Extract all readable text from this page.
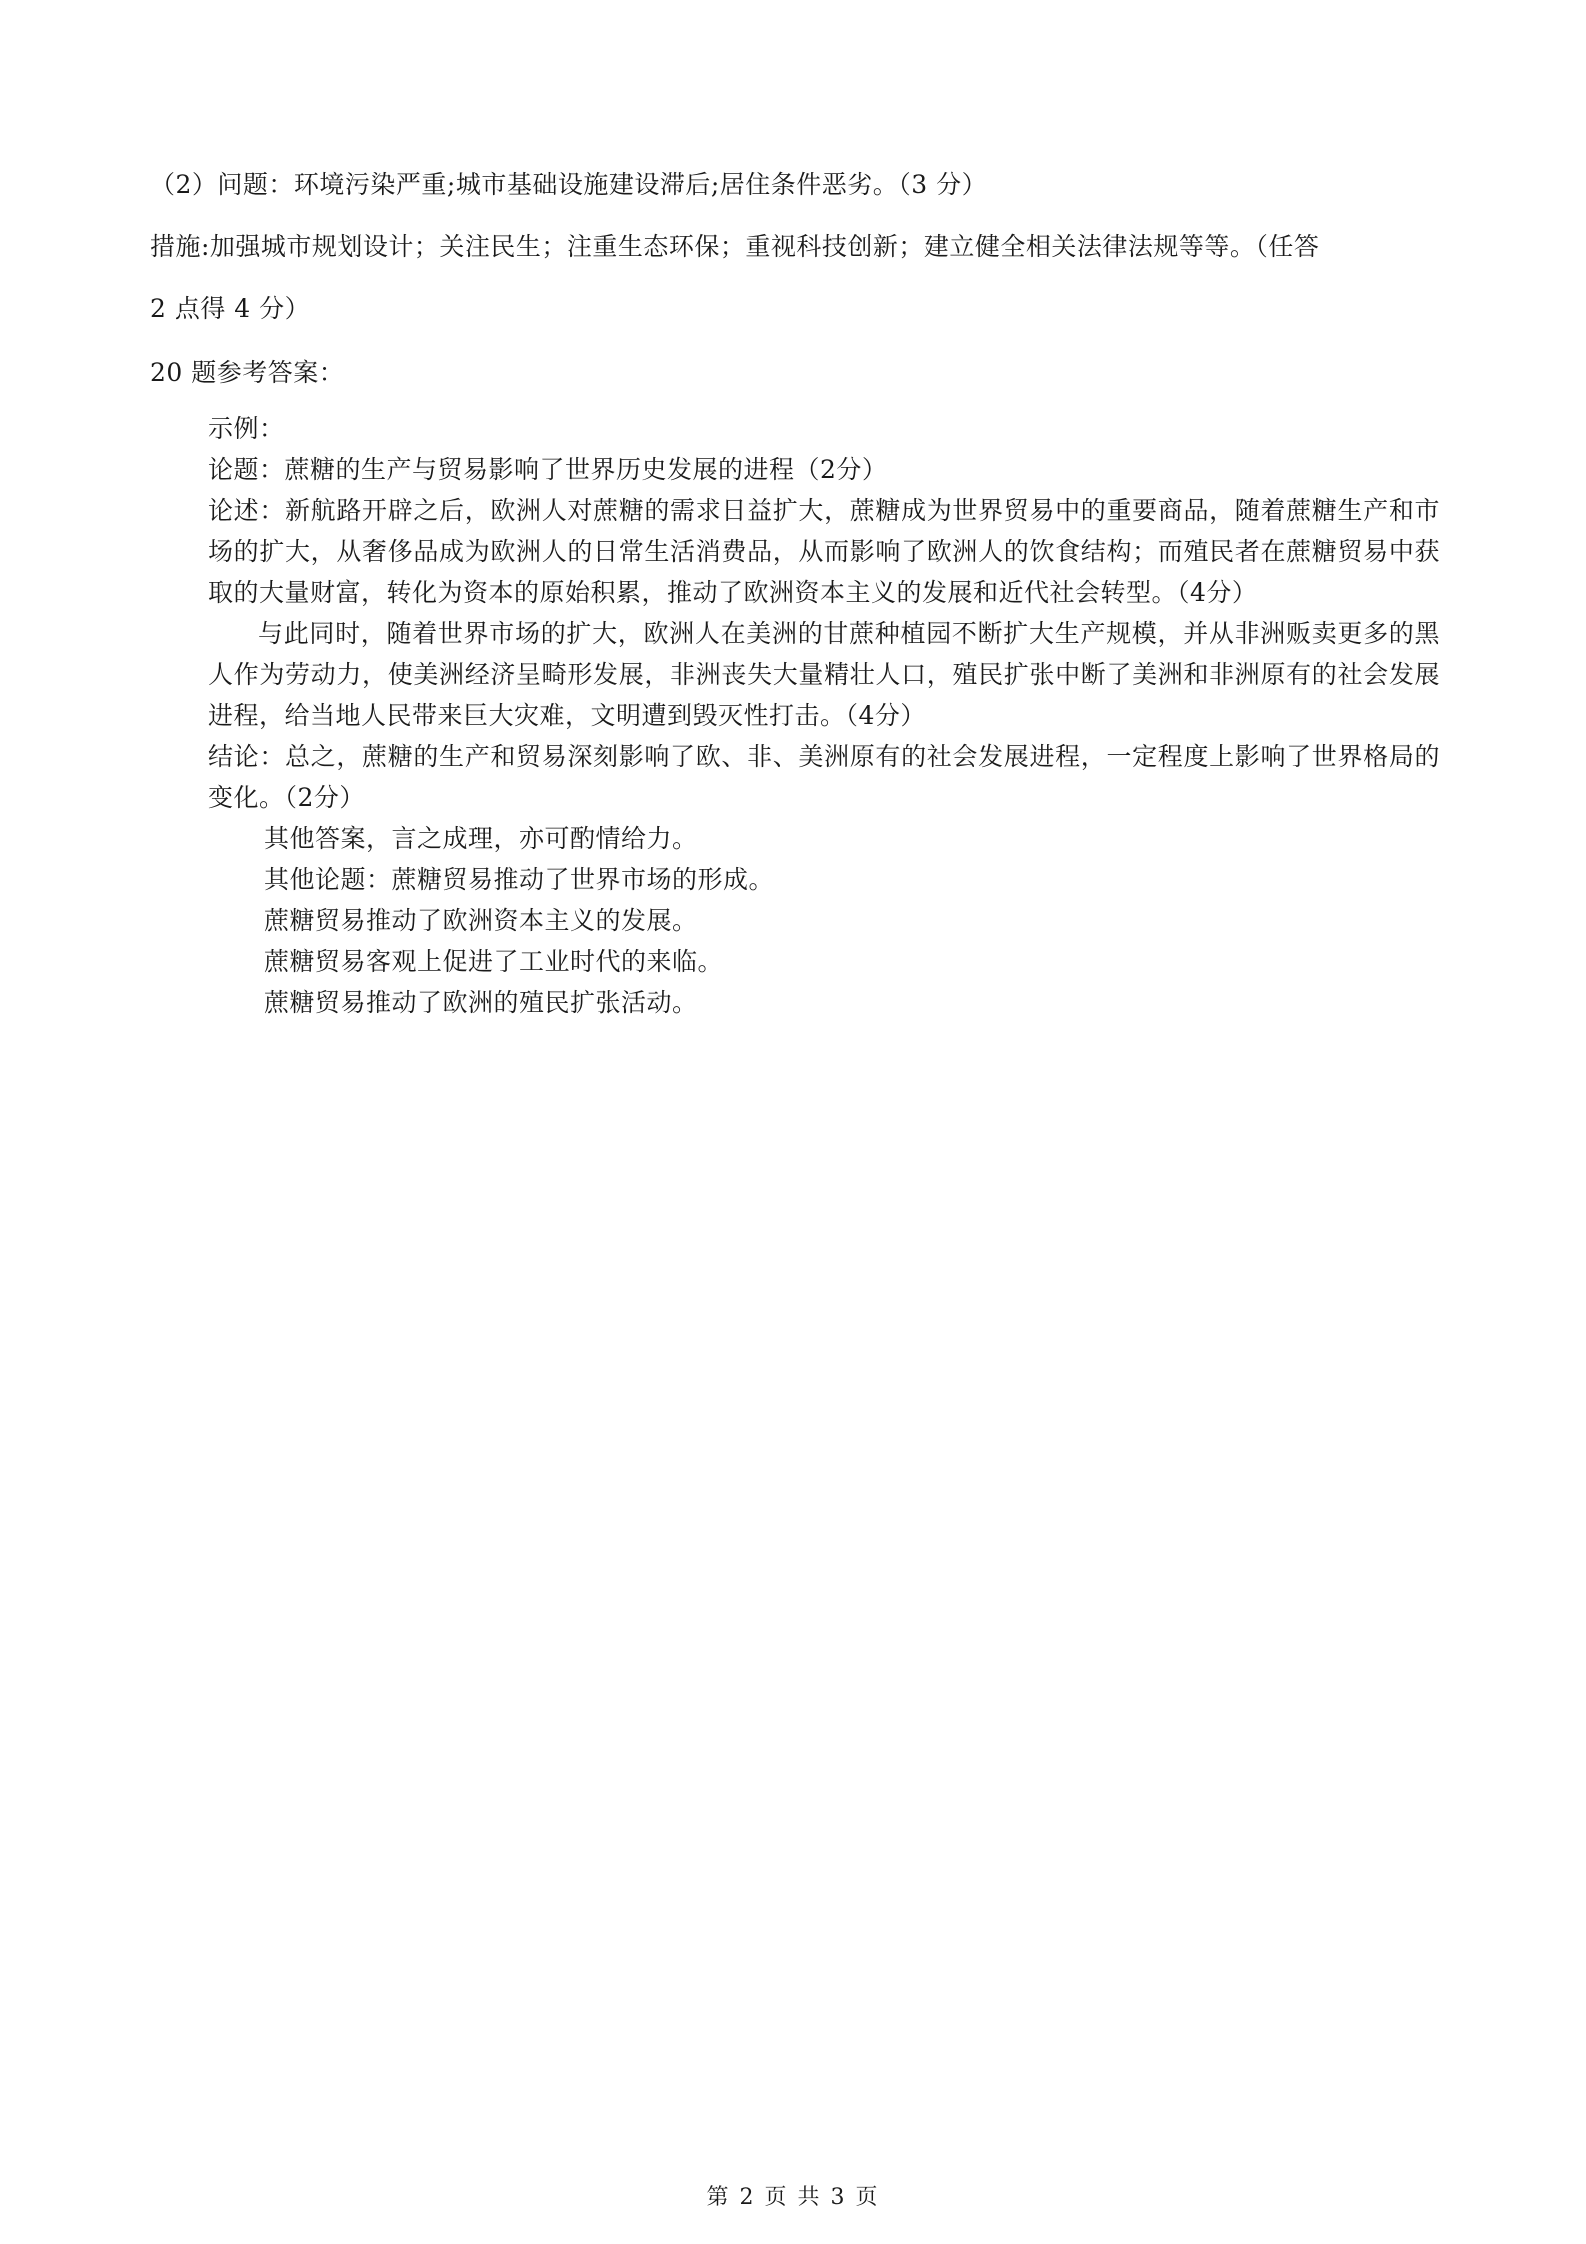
（2）问题：环境污染严重;城市基础设施建设滞后;居住条件恶劣。（3 分）
措施:加强城市规划设计；关注民生；注重生态环保；重视科技创新；建立健全相关法律法规等等。（任答
2 点得 4 分）
20 题参考答案：

示例：

论题：蔗糖的生产与贸易影响了世界历史发展的进程（2分）

论述：新航路开辟之后，欧洲人对蔗糖的需求日益扩大，蔗糖成为世界贸易中的重要商品，随着蔗糖生产和市场的扩大，从奢侈品成为欧洲人的日常生活消费品，从而影响了欧洲人的饮食结构；而殖民者在蔗糖贸易中获取的大量财富，转化为资本的原始积累，推动了欧洲资本主义的发展和近代社会转型。（4分）

与此同时，随着世界市场的扩大，欧洲人在美洲的甘蔗种植园不断扩大生产规模，并从非洲贩卖更多的黑人作为劳动力，使美洲经济呈畸形发展，非洲丧失大量精壮人口，殖民扩张中断了美洲和非洲原有的社会发展进程，给当地人民带来巨大灾难，文明遭到毁灭性打击。（4分）

结论：总之，蔗糖的生产和贸易深刻影响了欧、非、美洲原有的社会发展进程，一定程度上影响了世界格局的变化。（2分）

其他答案，言之成理，亦可酌情给力。

其他论题：蔗糖贸易推动了世界市场的形成。

蔗糖贸易推动了欧洲资本主义的发展。

蔗糖贸易客观上促进了工业时代的来临。

蔗糖贸易推动了欧洲的殖民扩张活动。

第 2 页 共 3 页
